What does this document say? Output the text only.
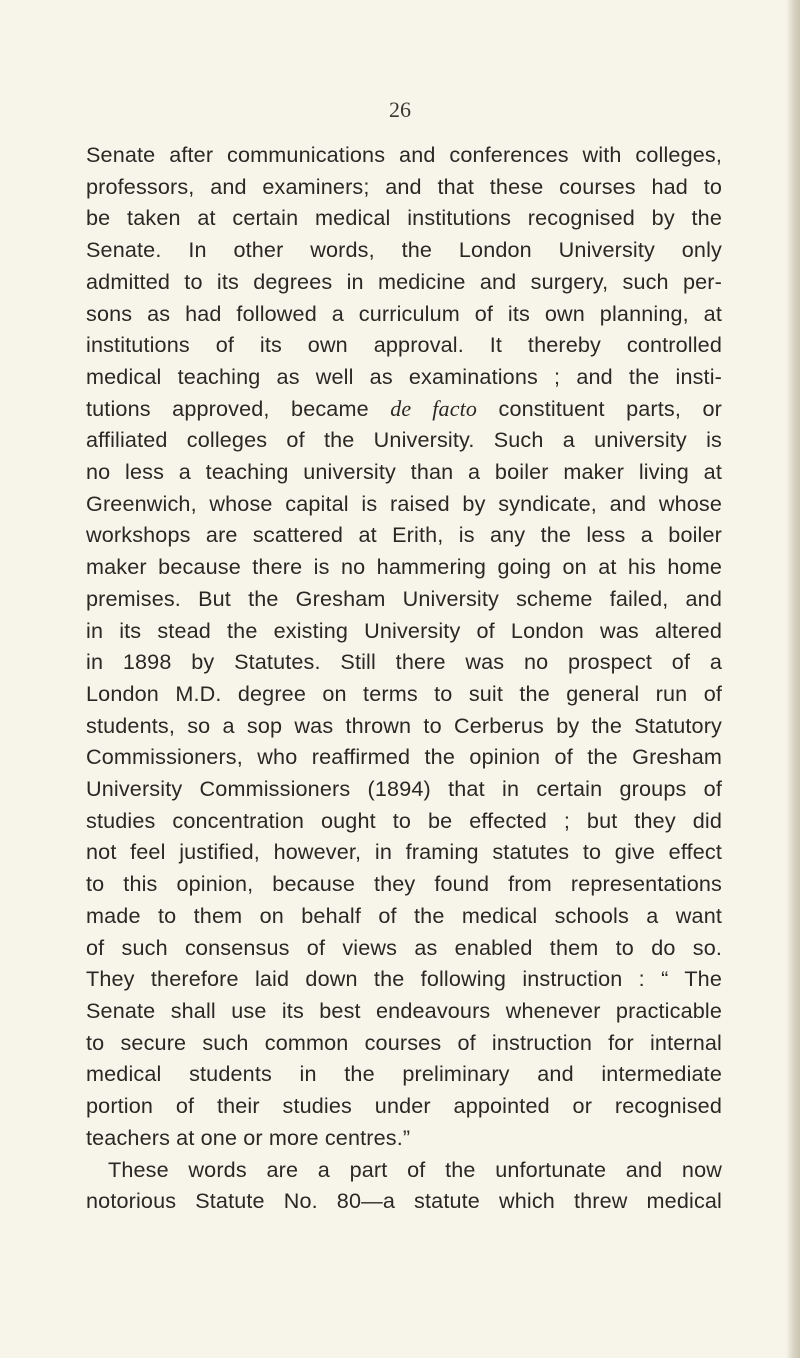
26
Senate after communications and conferences with colleges,
professors, and examiners; and that these courses had to
be taken at certain medical institutions recognised by the
Senate. In other words, the London University only
admitted to its degrees in medicine and surgery, such per-
sons as had followed a curriculum of its own planning, at
institutions of its own approval. It thereby controlled
medical teaching as well as examinations ; and the insti-
tutions approved, became de facto constituent parts, or
affiliated colleges of the University. Such a university is
no less a teaching university than a boiler maker living at
Greenwich, whose capital is raised by syndicate, and whose
workshops are scattered at Erith, is any the less a boiler
maker because there is no hammering going on at his home
premises. But the Gresham University scheme failed, and
in its stead the existing University of London was altered
in 1898 by Statutes. Still there was no prospect of a
London M.D. degree on terms to suit the general run of
students, so a sop was thrown to Cerberus by the Statutory
Commissioners, who reaffirmed the opinion of the Gresham
University Commissioners (1894) that in certain groups of
studies concentration ought to be effected ; but they did
not feel justified, however, in framing statutes to give effect
to this opinion, because they found from representations
made to them on behalf of the medical schools a want
of such consensus of views as enabled them to do so.
They therefore laid down the following instruction : “ The
Senate shall use its best endeavours whenever practicable
to secure such common courses of instruction for internal
medical students in the preliminary and intermediate
portion of their studies under appointed or recognised
teachers at one or more centres.”
These words are a part of the unfortunate and now
notorious Statute No. 80—a statute which threw medical
